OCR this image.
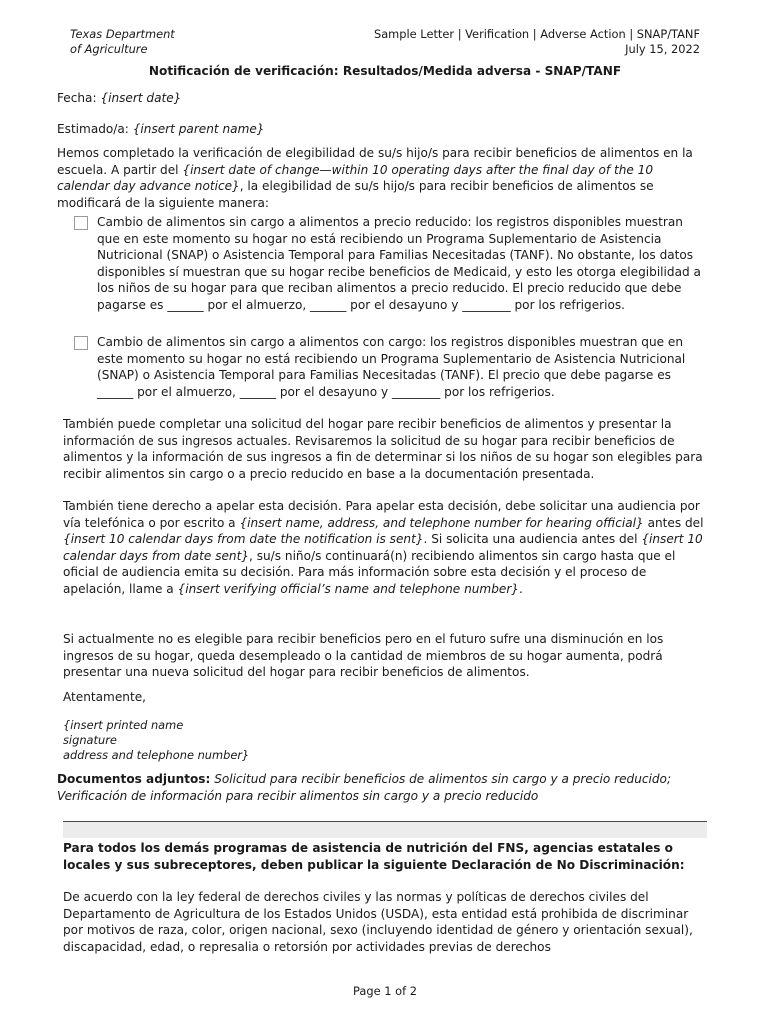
Texas Department
of Agriculture
Sample Letter | Verification | Adverse Action | SNAP/TANF
July 15, 2022
Notificación de verificación: Resultados/Medida adversa - SNAP/TANF
Fecha: {insert date}
Estimado/a: {insert parent name}
Hemos completado la verificación de elegibilidad de su/s hijo/s para recibir beneficios de alimentos en la escuela. A partir del {insert date of change—within 10 operating days after the final day of the 10 calendar day advance notice}, la elegibilidad de su/s hijo/s para recibir beneficios de alimentos se modificará de la siguiente manera:
Cambio de alimentos sin cargo a alimentos a precio reducido: los registros disponibles muestran que en este momento su hogar no está recibiendo un Programa Suplementario de Asistencia Nutricional (SNAP) o Asistencia Temporal para Familias Necesitadas (TANF). No obstante, los datos disponibles sí muestran que su hogar recibe beneficios de Medicaid, y esto les otorga elegibilidad a los niños de su hogar para que reciban alimentos a precio reducido. El precio reducido que debe pagarse es ______ por el almuerzo, ______ por el desayuno y ________ por los refrigerios.
Cambio de alimentos sin cargo a alimentos con cargo: los registros disponibles muestran que en este momento su hogar no está recibiendo un Programa Suplementario de Asistencia Nutricional (SNAP) o Asistencia Temporal para Familias Necesitadas (TANF). El precio que debe pagarse es ______ por el almuerzo, ______ por el desayuno y ________ por los refrigerios.
También puede completar una solicitud del hogar pare recibir beneficios de alimentos y presentar la información de sus ingresos actuales. Revisaremos la solicitud de su hogar para recibir beneficios de alimentos y la información de sus ingresos a fin de determinar si los niños de su hogar son elegibles para recibir alimentos sin cargo o a precio reducido en base a la documentación presentada.
También tiene derecho a apelar esta decisión. Para apelar esta decisión, debe solicitar una audiencia por vía telefónica o por escrito a {insert name, address, and telephone number for hearing official} antes del {insert 10 calendar days from date the notification is sent}. Si solicita una audiencia antes del {insert 10 calendar days from date sent}, su/s niño/s continuará(n) recibiendo alimentos sin cargo hasta que el oficial de audiencia emita su decisión. Para más información sobre esta decisión y el proceso de apelación, llame a {insert verifying official’s name and telephone number}.
Si actualmente no es elegible para recibir beneficios pero en el futuro sufre una disminución en los ingresos de su hogar, queda desempleado o la cantidad de miembros de su hogar aumenta, podrá presentar una nueva solicitud del hogar para recibir beneficios de alimentos.
Atentamente,
{insert printed name
signature
address and telephone number}
Documentos adjuntos: Solicitud para recibir beneficios de alimentos sin cargo y a precio reducido; Verificación de información para recibir alimentos sin cargo y a precio reducido
Para todos los demás programas de asistencia de nutrición del FNS, agencias estatales o locales y sus subreceptores, deben publicar la siguiente Declaración de No Discriminación:
De acuerdo con la ley federal de derechos civiles y las normas y políticas de derechos civiles del Departamento de Agricultura de los Estados Unidos (USDA), esta entidad está prohibida de discriminar por motivos de raza, color, origen nacional, sexo (incluyendo identidad de género y orientación sexual), discapacidad, edad, o represalia o retorsión por actividades previas de derechos
Page 1 of 2
